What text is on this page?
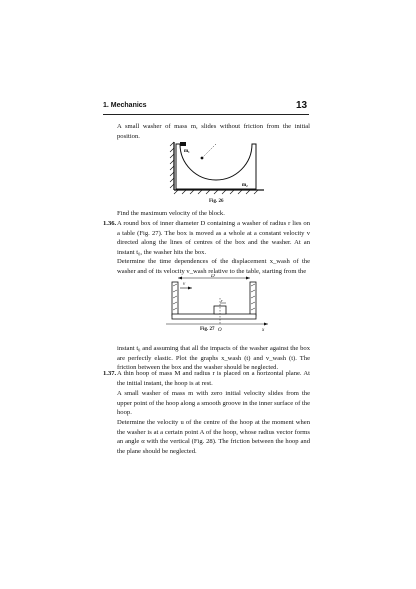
1. Mechanics	13

A small washer of mass m, slides without friction from the initial position.

m₁
m₂
Fig. 26

Find the maximum velocity of the block.

1.36. A round box of inner diameter D containing a washer of radius r lies on a table (Fig. 27). The box is moved as a whole at a constant velocity v directed along the lines of centres of the box and the washer. At an instant t₀, the washer hits the box.

Determine the time dependences of the displacement x_wash of the washer and of its velocity v_wash relative to the table, starting from the

D
v
r
O	x
Fig. 27

instant t₀ and assuming that all the impacts of the washer against the box are perfectly elastic. Plot the graphs x_wash (t) and v_wash (t). The friction between the box and the washer should be neglected.

1.37. A thin hoop of mass M and radius r is placed on a horizontal plane. At the initial instant, the hoop is at rest.

A small washer of mass m with zero initial velocity slides from the upper point of the hoop along a smooth groove in the inner surface of the hoop.

Determine the velocity u of the centre of the hoop at the moment when the washer is at a certain point A of the hoop, whose radius vector forms an angle α with the vertical (Fig. 28). The friction between the hoop and the plane should be neglected.
